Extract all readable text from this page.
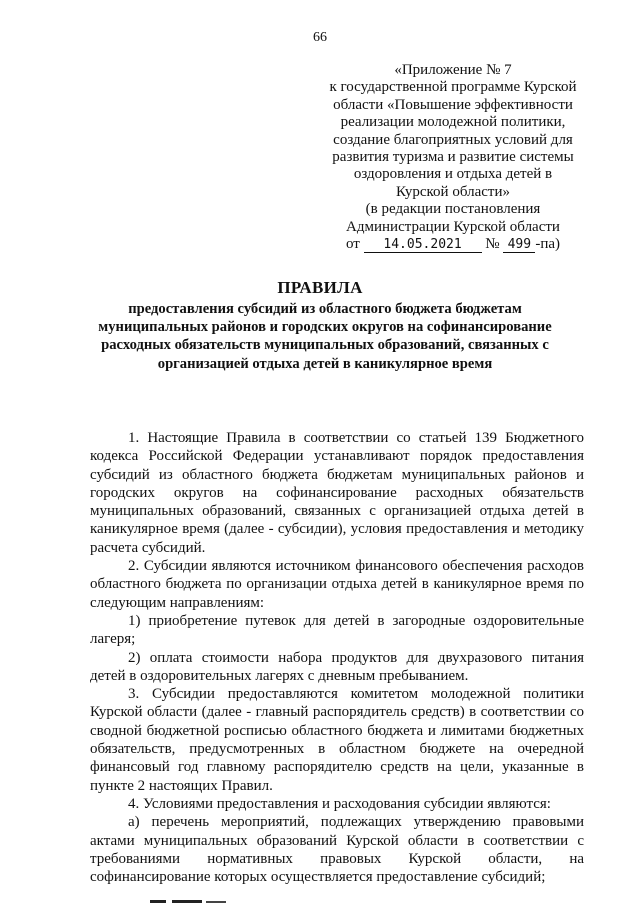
66
«Приложение № 7
к государственной программе Курской
области «Повышение эффективности
реализации молодежной политики,
создание благоприятных условий для
развития туризма и развитие системы
оздоровления и отдыха детей в
Курской области»
(в редакции постановления
Администрации Курской области
от 14.05.2021 № 499 -па)
ПРАВИЛА
предоставления субсидий из областного бюджета бюджетам
муниципальных районов и городских округов на софинансирование
расходных обязательств муниципальных образований, связанных с
организацией отдыха детей в каникулярное время

1. Настоящие Правила в соответствии со статьей 139 Бюджетного кодекса Российской Федерации устанавливают порядок предоставления субсидий из областного бюджета бюджетам муниципальных районов и городских округов на софинансирование расходных обязательств муниципальных образований, связанных с организацией отдыха детей в каникулярное время (далее - субсидии), условия предоставления и методику расчета субсидий.

2. Субсидии являются источником финансового обеспечения расходов областного бюджета по организации отдыха детей в каникулярное время по следующим направлениям:

1) приобретение путевок для детей в загородные оздоровительные лагеря;

2) оплата стоимости набора продуктов для двухразового питания детей в оздоровительных лагерях с дневным пребыванием.

3. Субсидии предоставляются комитетом молодежной политики Курской области (далее - главный распорядитель средств) в соответствии со сводной бюджетной росписью областного бюджета и лимитами бюджетных обязательств, предусмотренных в областном бюджете на очередной финансовый год главному распорядителю средств на цели, указанные в пункте 2 настоящих Правил.

4. Условиями предоставления и расходования субсидии являются:

а) перечень мероприятий, подлежащих утверждению правовыми актами муниципальных образований Курской области в соответствии с требованиями нормативных правовых Курской области, на софинансирование которых осуществляется предоставление субсидий;
